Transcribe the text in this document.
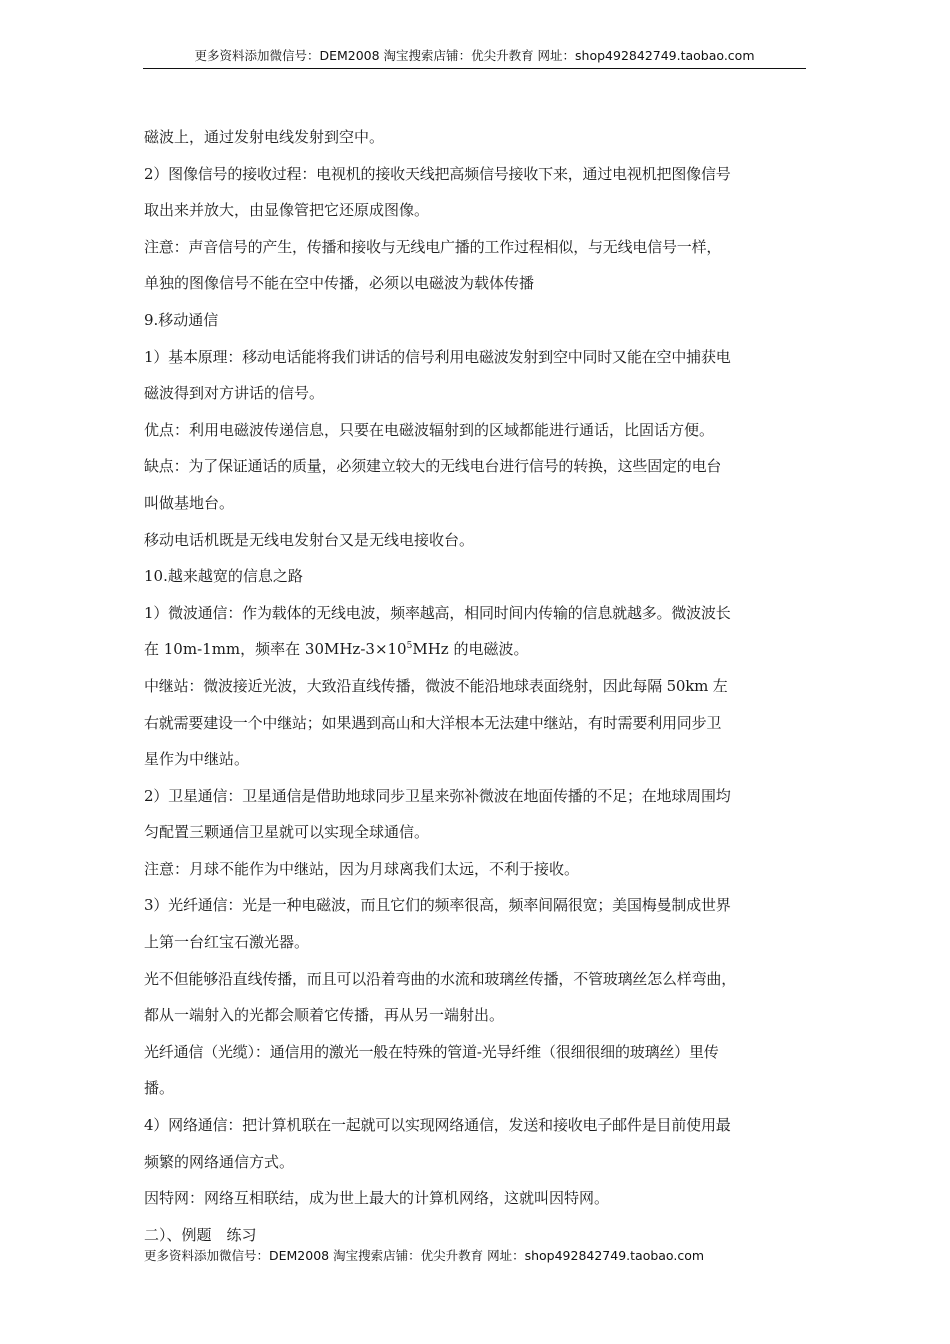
更多资料添加微信号：DEM2008 淘宝搜索店铺：优尖升教育 网址：shop492842749.taobao.com
磁波上，通过发射电线发射到空中。
2）图像信号的接收过程：电视机的接收天线把高频信号接收下来，通过电视机把图像信号
取出来并放大，由显像管把它还原成图像。
注意：声音信号的产生，传播和接收与无线电广播的工作过程相似，与无线电信号一样，
单独的图像信号不能在空中传播，必须以电磁波为载体传播
9.移动通信
1）基本原理：移动电话能将我们讲话的信号利用电磁波发射到空中同时又能在空中捕获电
磁波得到对方讲话的信号。
优点：利用电磁波传递信息，只要在电磁波辐射到的区域都能进行通话，比固话方便。
缺点：为了保证通话的质量，必须建立较大的无线电台进行信号的转换，这些固定的电台
叫做基地台。
移动电话机既是无线电发射台又是无线电接收台。
10.越来越宽的信息之路
1）微波通信：作为载体的无线电波，频率越高，相同时间内传输的信息就越多。微波波长
在 10m-1mm，频率在 $30MHz-3\times 10^5MHz$ 的电磁波。
中继站：微波接近光波，大致沿直线传播，微波不能沿地球表面绕射，因此每隔 50km 左
右就需要建设一个中继站；如果遇到高山和大洋根本无法建中继站，有时需要利用同步卫
星作为中继站。
2）卫星通信：卫星通信是借助地球同步卫星来弥补微波在地面传播的不足；在地球周围均
匀配置三颗通信卫星就可以实现全球通信。
注意：月球不能作为中继站，因为月球离我们太远，不利于接收。
3）光纤通信：光是一种电磁波，而且它们的频率很高，频率间隔很宽；美国梅曼制成世界
上第一台红宝石激光器。
光不但能够沿直线传播，而且可以沿着弯曲的水流和玻璃丝传播，不管玻璃丝怎么样弯曲，
都从一端射入的光都会顺着它传播，再从另一端射出。
光纤通信（光缆）：通信用的激光一般在特殊的管道-光导纤维（很细很细的玻璃丝）里传
播。
4）网络通信：把计算机联在一起就可以实现网络通信，发送和接收电子邮件是目前使用最
频繁的网络通信方式。
因特网：网络互相联结，成为世上最大的计算机网络，这就叫因特网。
二）、例题　练习
更多资料添加微信号：DEM2008 淘宝搜索店铺：优尖升教育 网址：shop492842749.taobao.com
